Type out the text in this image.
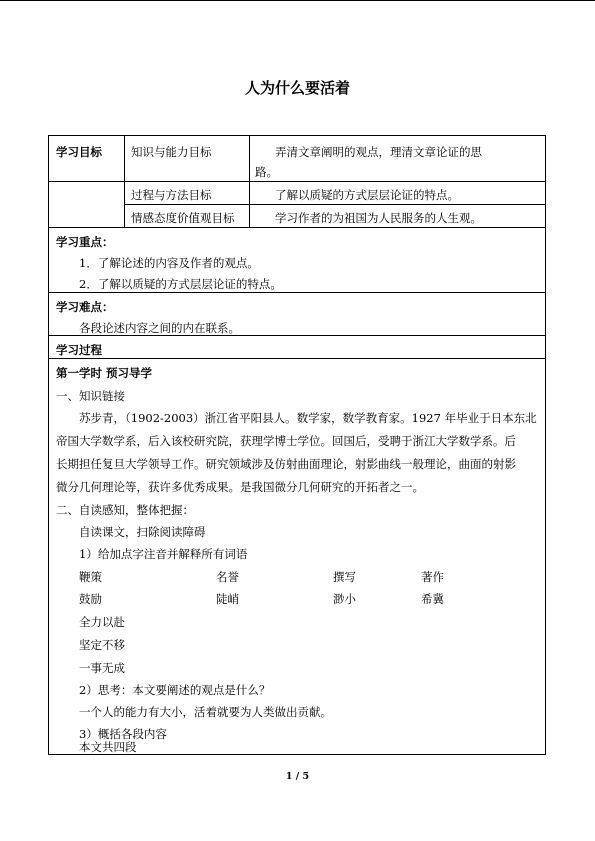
人为什么要活着
学习目标	知识与能力目标	弄清文章阐明的观点，理清文章论证的思
路。
过程与方法目标	了解以质疑的方式层层论证的特点。
情感态度价值观目标	学习作者的为祖国为人民服务的人生观。
学习重点：
1．了解论述的内容及作者的观点。
2．了解以质疑的方式层层论证的特点。
学习难点：
各段论述内容之间的内在联系。
学习过程
第一学时 预习导学
一、知识链接
苏步青，（1902-2003）浙江省平阳县人。数学家，数学教育家。1927 年毕业于日本东北
帝国大学数学系，后入该校研究院，获理学博士学位。回国后，受聘于浙江大学数学系。后
长期担任复旦大学领导工作。研究领域涉及仿射曲面理论，射影曲线一般理论，曲面的射影
微分几何理论等，获许多优秀成果。是我国微分几何研究的开拓者之一。
二、自读感知，整体把握：
自读课文，扫除阅读障碍
1）给加点字注音并解释所有词语
鞭策	名誉	撰写	著作
鼓励	陡峭	渺小	希冀
全力以赴
坚定不移
一事无成
2）思考：本文要阐述的观点是什么？
一个人的能力有大小，活着就要为人类做出贡献。
3）概括各段内容
本文共四段
1 / 5
